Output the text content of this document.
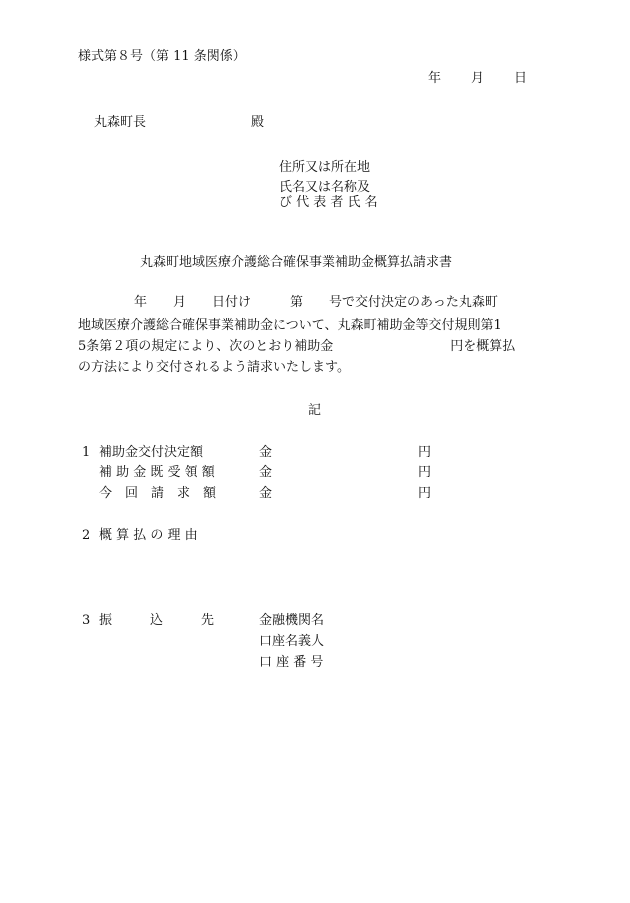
様式第８号（第 11 条関係）
年 月 日
丸森町長	殿
住所又は所在地
氏名又は名称及
び 代 表 者 氏 名
丸森町地域医療介護総合確保事業補助金概算払請求書
年　　月　　日付け　　　第　　号で交付決定のあった丸森町
地域医療介護総合確保事業補助金について、丸森町補助金等交付規則第1
5条第２項の規定により、次のとおり補助金　　　　　　　　　円を概算払
の方法により交付されるよう請求いたします。
記
1 補助金交付決定額	金	円
補 助 金 既 受 領 額	金	円
今　回　請　求　額	金	円
2 概 算 払 の 理 由
3 振	込	先	金融機関名
口座名義人
口 座 番 号
